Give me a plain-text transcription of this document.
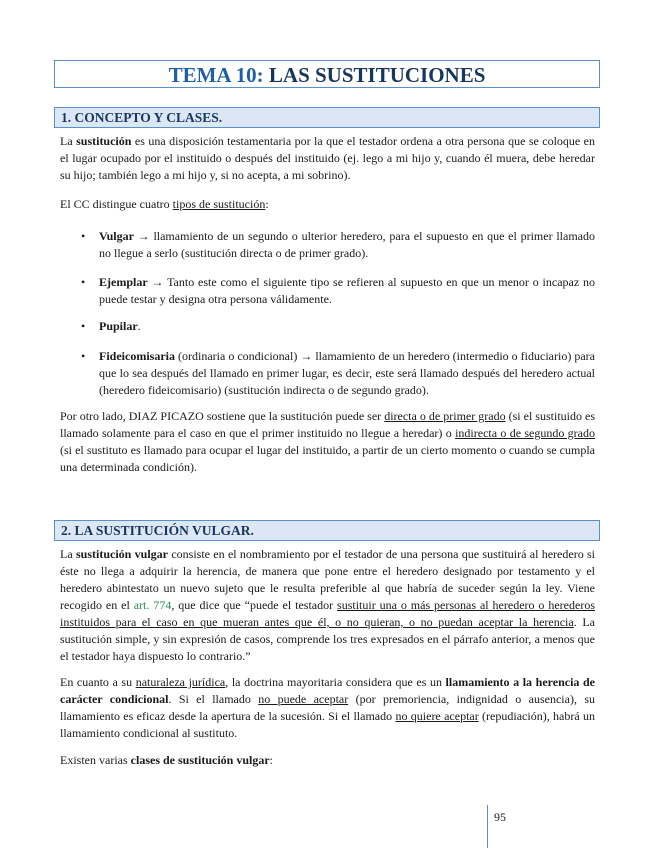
TEMA 10: LAS SUSTITUCIONES
1. CONCEPTO Y CLASES.

La sustitución es una disposición testamentaria por la que el testador ordena a otra persona que se coloque en el lugar ocupado por el instituido o después del instituido (ej. lego a mi hijo y, cuando él muera, debe heredar su hijo; también lego a mi hijo y, si no acepta, a mi sobrino).

El CC distingue cuatro tipos de sustitución:

•	Vulgar → llamamiento de un segundo o ulterior heredero, para el supuesto en que el primer llamado no llegue a serlo (sustitución directa o de primer grado).

•	Ejemplar → Tanto este como el siguiente tipo se refieren al supuesto en que un menor o incapaz no puede testar y designa otra persona válidamente.

•	Pupilar.

•	Fideicomisaria (ordinaria o condicional) → llamamiento de un heredero (intermedio o fiduciario) para que lo sea después del llamado en primer lugar, es decir, este será llamado después del heredero actual (heredero fideicomisario) (sustitución indirecta o de segundo grado).

Por otro lado, DIAZ PICAZO sostiene que la sustitución puede ser directa o de primer grado (si el sustituido es llamado solamente para el caso en que el primer instituido no llegue a heredar) o indirecta o de segundo grado (si el sustituto es llamado para ocupar el lugar del instituido, a partir de un cierto momento o cuando se cumpla una determinada condición).

2. LA SUSTITUCIÓN VULGAR.

La sustitución vulgar consiste en el nombramiento por el testador de una persona que sustituirá al heredero si éste no llega a adquirir la herencia, de manera que pone entre el heredero designado por testamento y el heredero abintestato un nuevo sujeto que le resulta preferible al que habría de suceder según la ley. Viene recogido en el art. 774, que dice que “puede el testador sustituir una o más personas al heredero o herederos instituidos para el caso en que mueran antes que él, o no quieran, o no puedan aceptar la herencia. La sustitución simple, y sin expresión de casos, comprende los tres expresados en el párrafo anterior, a menos que el testador haya dispuesto lo contrario.”

En cuanto a su naturaleza jurídica, la doctrina mayoritaria considera que es un llamamiento a la herencia de carácter condicional. Si el llamado no puede aceptar (por premoriencia, indignidad o ausencia), su llamamiento es eficaz desde la apertura de la sucesión. Si el llamado no quiere aceptar (repudiación), habrá un llamamiento condicional al sustituto.

Existen varias clases de sustitución vulgar:

95
